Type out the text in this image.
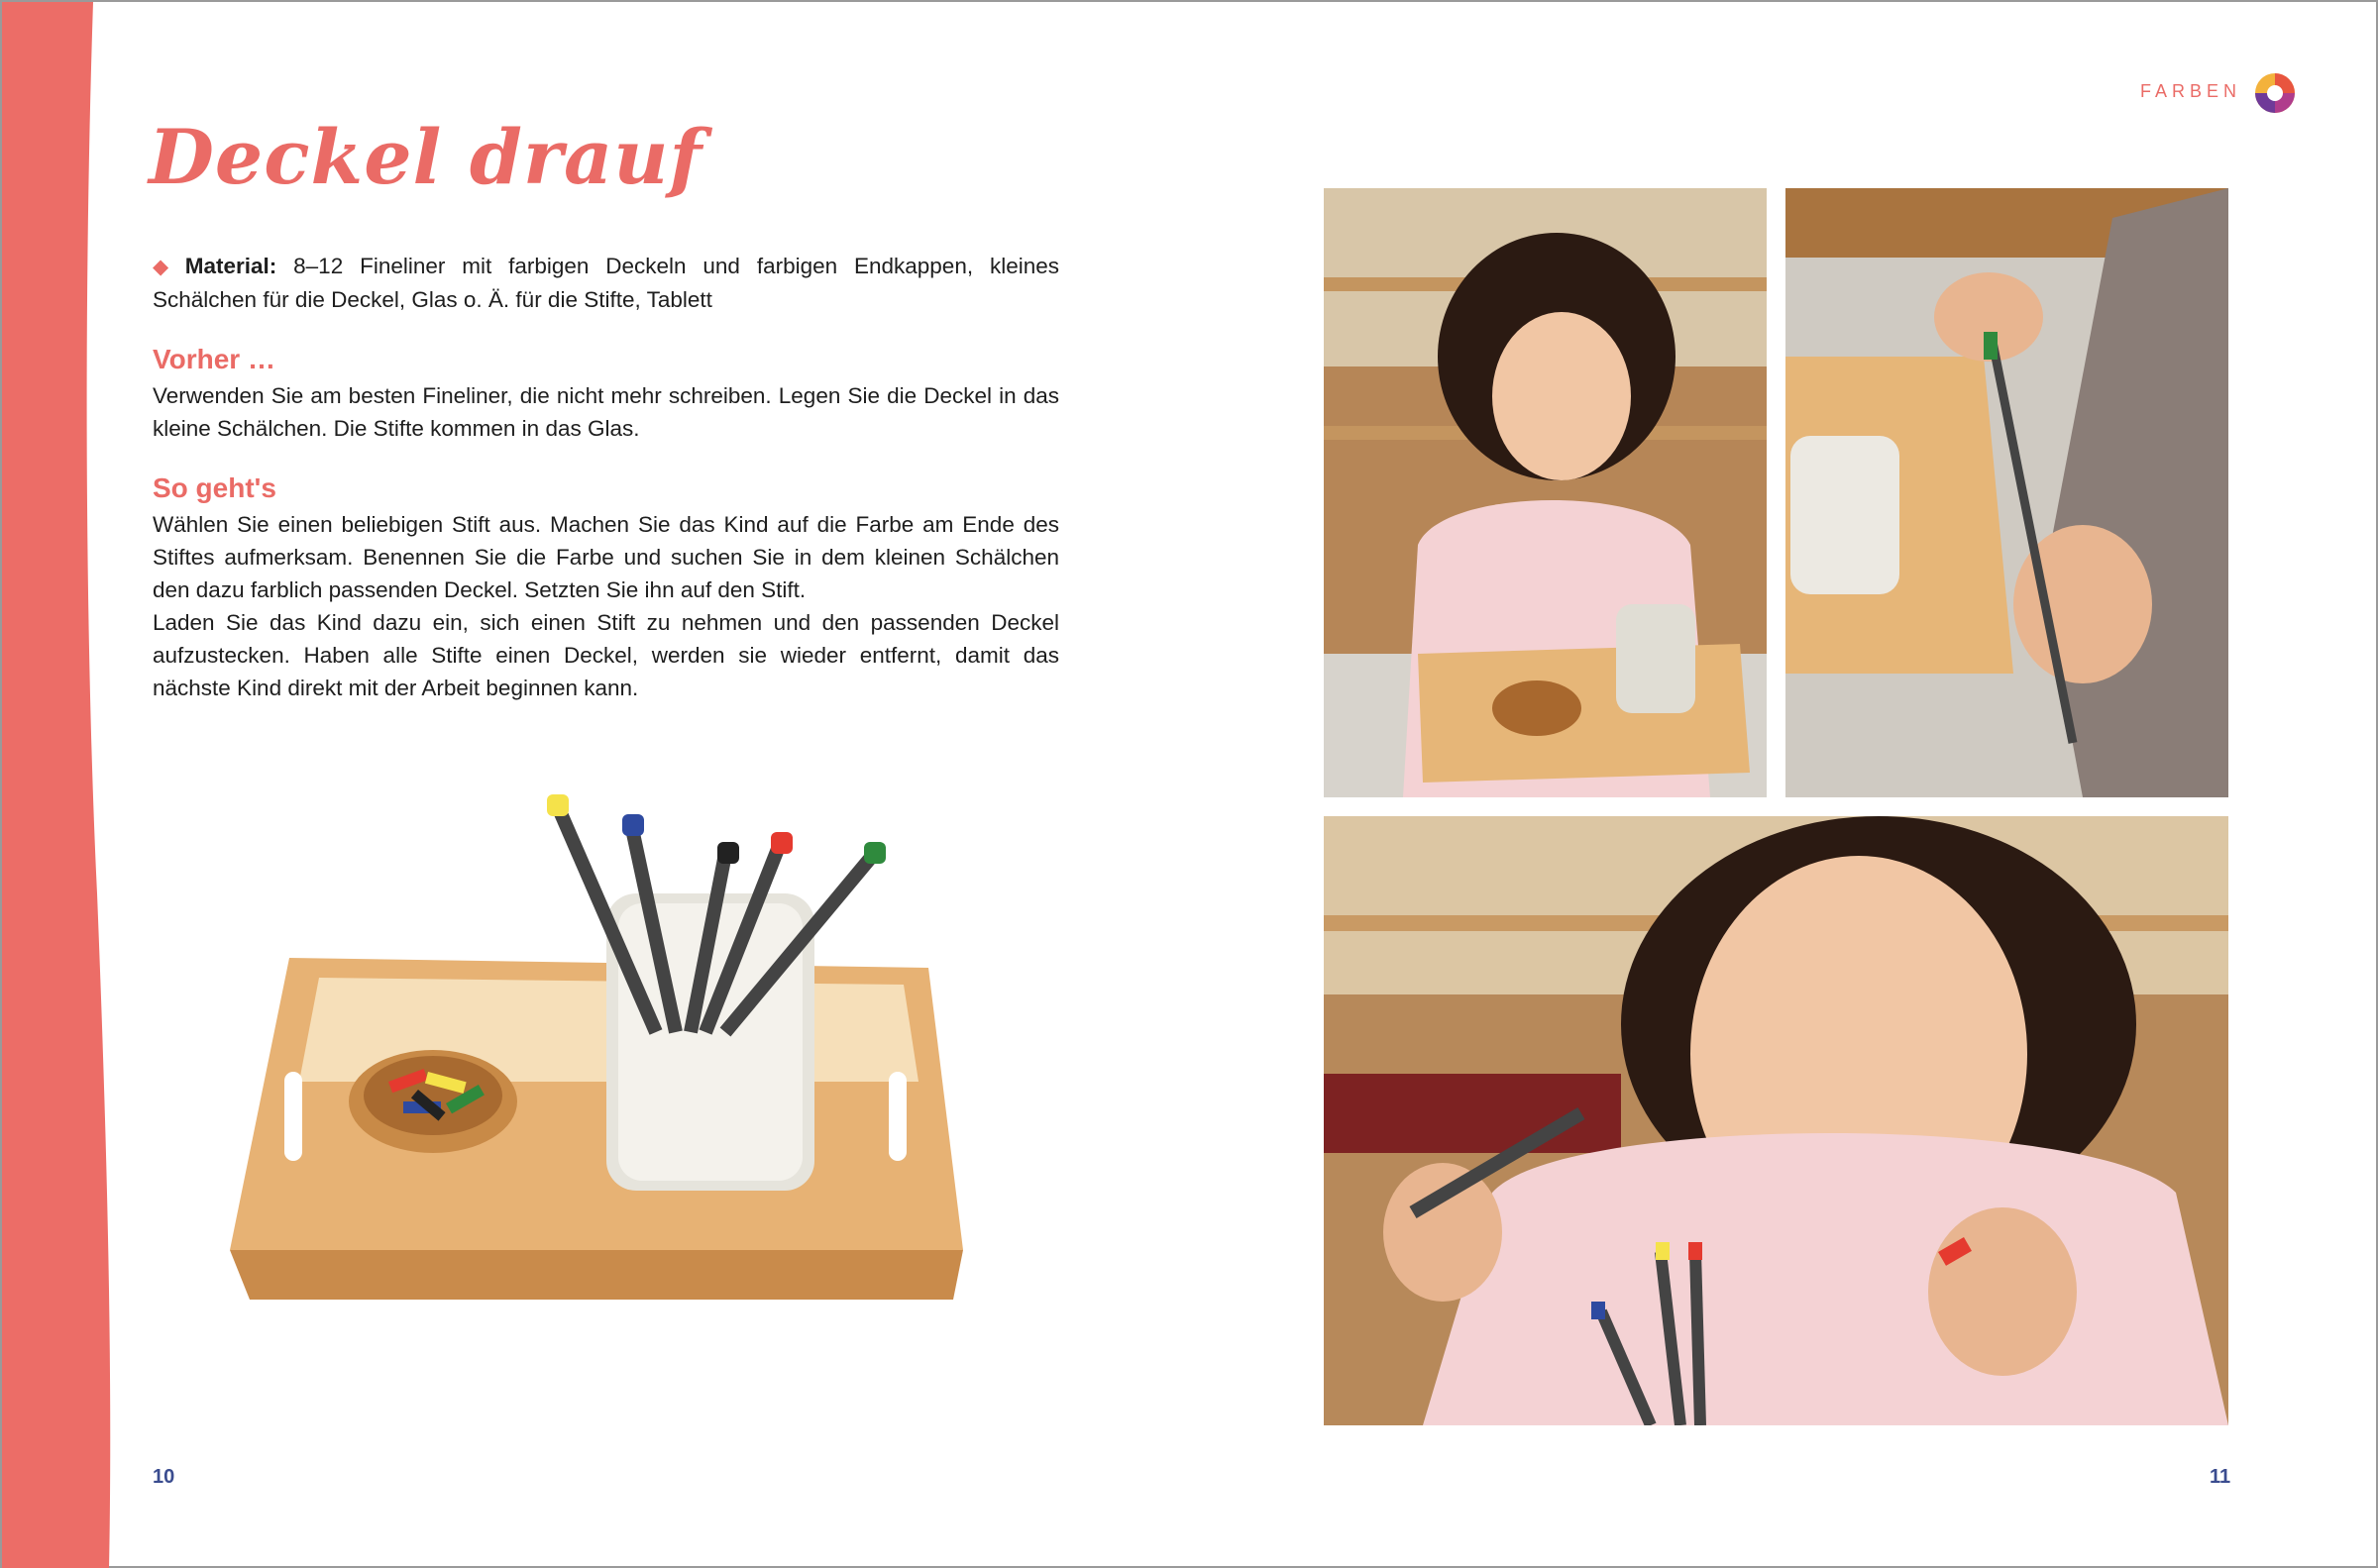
FARBEN
Deckel drauf

◆ Material: 8–12 Fineliner mit farbigen Deckeln und farbigen Endkappen, kleines Schälchen für die Deckel, Glas o. Ä. für die Stifte, Tablett

Vorher …

Verwenden Sie am besten Fineliner, die nicht mehr schreiben. Legen Sie die Deckel in das kleine Schälchen. Die Stifte kommen in das Glas.

So geht's

Wählen Sie einen beliebigen Stift aus. Machen Sie das Kind auf die Farbe am Ende des Stiftes aufmerksam. Benennen Sie die Farbe und suchen Sie in dem kleinen Schälchen den dazu farblich passenden Deckel. Setzten Sie ihn auf den Stift.

Laden Sie das Kind dazu ein, sich einen Stift zu nehmen und den passenden Deckel aufzustecken. Haben alle Stifte einen Deckel, werden sie wieder entfernt, damit das nächste Kind direkt mit der Arbeit beginnen kann.

10	11
